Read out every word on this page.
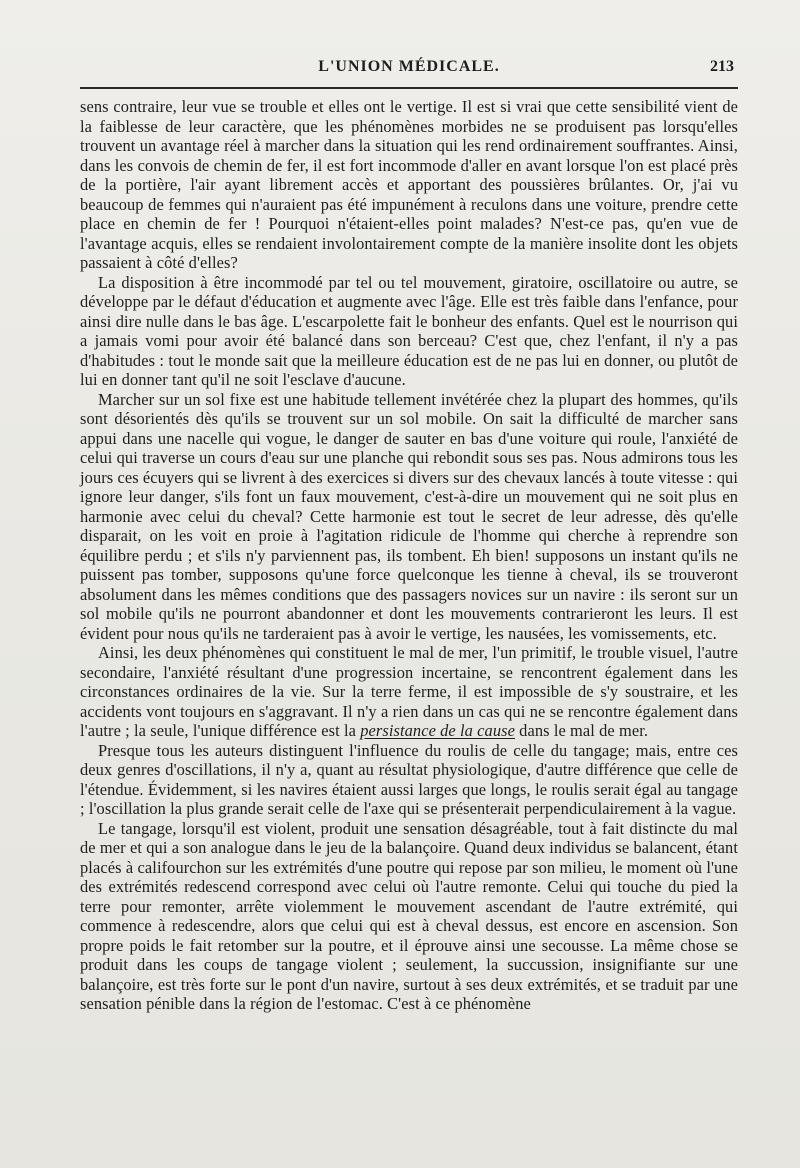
L'UNION MÉDICALE.	213

sens contraire, leur vue se trouble et elles ont le vertige. Il est si vrai que cette sensibilité vient de la faiblesse de leur caractère, que les phénomènes morbides ne se produisent pas lorsqu'elles trouvent un avantage réel à marcher dans la situation qui les rend ordinairement souffrantes. Ainsi, dans les convois de chemin de fer, il est fort incommode d'aller en avant lorsque l'on est placé près de la portière, l'air ayant librement accès et apportant des poussières brûlantes. Or, j'ai vu beaucoup de femmes qui n'auraient pas été impunément à reculons dans une voiture, prendre cette place en chemin de fer ! Pourquoi n'étaient-elles point malades? N'est-ce pas, qu'en vue de l'avantage acquis, elles se rendaient involontairement compte de la manière insolite dont les objets passaient à côté d'elles?

La disposition à être incommodé par tel ou tel mouvement, giratoire, oscillatoire ou autre, se développe par le défaut d'éducation et augmente avec l'âge. Elle est très faible dans l'enfance, pour ainsi dire nulle dans le bas âge. L'escarpolette fait le bonheur des enfants. Quel est le nourrison qui a jamais vomi pour avoir été balancé dans son berceau? C'est que, chez l'enfant, il n'y a pas d'habitudes : tout le monde sait que la meilleure éducation est de ne pas lui en donner, ou plutôt de lui en donner tant qu'il ne soit l'esclave d'aucune.

Marcher sur un sol fixe est une habitude tellement invétérée chez la plupart des hommes, qu'ils sont désorientés dès qu'ils se trouvent sur un sol mobile. On sait la difficulté de marcher sans appui dans une nacelle qui vogue, le danger de sauter en bas d'une voiture qui roule, l'anxiété de celui qui traverse un cours d'eau sur une planche qui rebondit sous ses pas. Nous admirons tous les jours ces écuyers qui se livrent à des exercices si divers sur des chevaux lancés à toute vitesse : qui ignore leur danger, s'ils font un faux mouvement, c'est-à-dire un mouvement qui ne soit plus en harmonie avec celui du cheval? Cette harmonie est tout le secret de leur adresse, dès qu'elle disparait, on les voit en proie à l'agitation ridicule de l'homme qui cherche à reprendre son équilibre perdu ; et s'ils n'y parviennent pas, ils tombent. Eh bien! supposons un instant qu'ils ne puissent pas tomber, supposons qu'une force quelconque les tienne à cheval, ils se trouveront absolument dans les mêmes conditions que des passagers novices sur un navire : ils seront sur un sol mobile qu'ils ne pourront abandonner et dont les mouvements contrarieront les leurs. Il est évident pour nous qu'ils ne tarderaient pas à avoir le vertige, les nausées, les vomissements, etc.

Ainsi, les deux phénomènes qui constituent le mal de mer, l'un primitif, le trouble visuel, l'autre secondaire, l'anxiété résultant d'une progression incertaine, se rencontrent également dans les circonstances ordinaires de la vie. Sur la terre ferme, il est impossible de s'y soustraire, et les accidents vont toujours en s'aggravant. Il n'y a rien dans un cas qui ne se rencontre également dans l'autre ; la seule, l'unique différence est la persistance de la cause dans le mal de mer.

Presque tous les auteurs distinguent l'influence du roulis de celle du tangage; mais, entre ces deux genres d'oscillations, il n'y a, quant au résultat physiologique, d'autre différence que celle de l'étendue. Évidemment, si les navires étaient aussi larges que longs, le roulis serait égal au tangage ; l'oscillation la plus grande serait celle de l'axe qui se présenterait perpendiculairement à la vague.

Le tangage, lorsqu'il est violent, produit une sensation désagréable, tout à fait distincte du mal de mer et qui a son analogue dans le jeu de la balançoire. Quand deux individus se balancent, étant placés à califourchon sur les extrémités d'une poutre qui repose par son milieu, le moment où l'une des extrémités redescend correspond avec celui où l'autre remonte. Celui qui touche du pied la terre pour remonter, arrête violemment le mouvement ascendant de l'autre extrémité, qui commence à redescendre, alors que celui qui est à cheval dessus, est encore en ascension. Son propre poids le fait retomber sur la poutre, et il éprouve ainsi une secousse. La même chose se produit dans les coups de tangage violent ; seulement, la succussion, insignifiante sur une balançoire, est très forte sur le pont d'un navire, surtout à ses deux extrémités, et se traduit par une sensation pénible dans la région de l'estomac. C'est à ce phénomène
